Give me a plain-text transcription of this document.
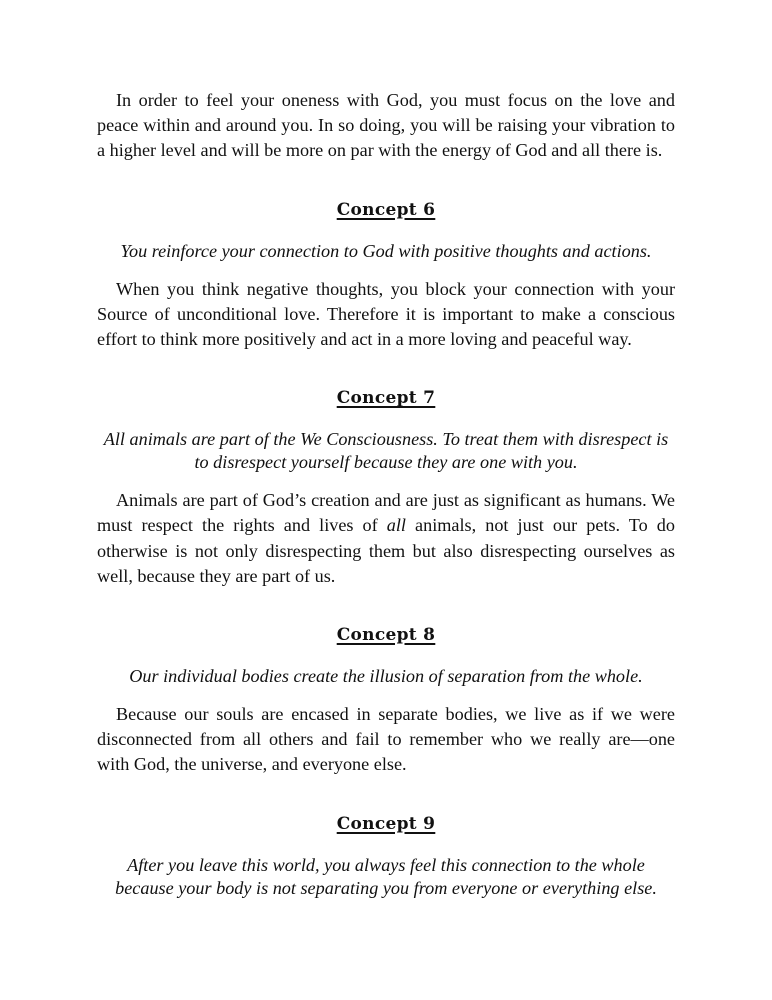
In order to feel your oneness with God, you must focus on the love and peace within and around you. In so doing, you will be raising your vibration to a higher level and will be more on par with the energy of God and all there is.

Concept 6

You reinforce your connection to God with positive thoughts and actions.

When you think negative thoughts, you block your connection with your Source of unconditional love. Therefore it is important to make a conscious effort to think more positively and act in a more loving and peaceful way.

Concept 7

All animals are part of the We Consciousness. To treat them with disrespect is to disrespect yourself because they are one with you.

Animals are part of God’s creation and are just as significant as humans. We must respect the rights and lives of all animals, not just our pets. To do otherwise is not only disrespecting them but also disrespecting ourselves as well, because they are part of us.

Concept 8

Our individual bodies create the illusion of separation from the whole.

Because our souls are encased in separate bodies, we live as if we were disconnected from all others and fail to remember who we really are—one with God, the universe, and everyone else.

Concept 9

After you leave this world, you always feel this connection to the whole because your body is not separating you from everyone or everything else.
